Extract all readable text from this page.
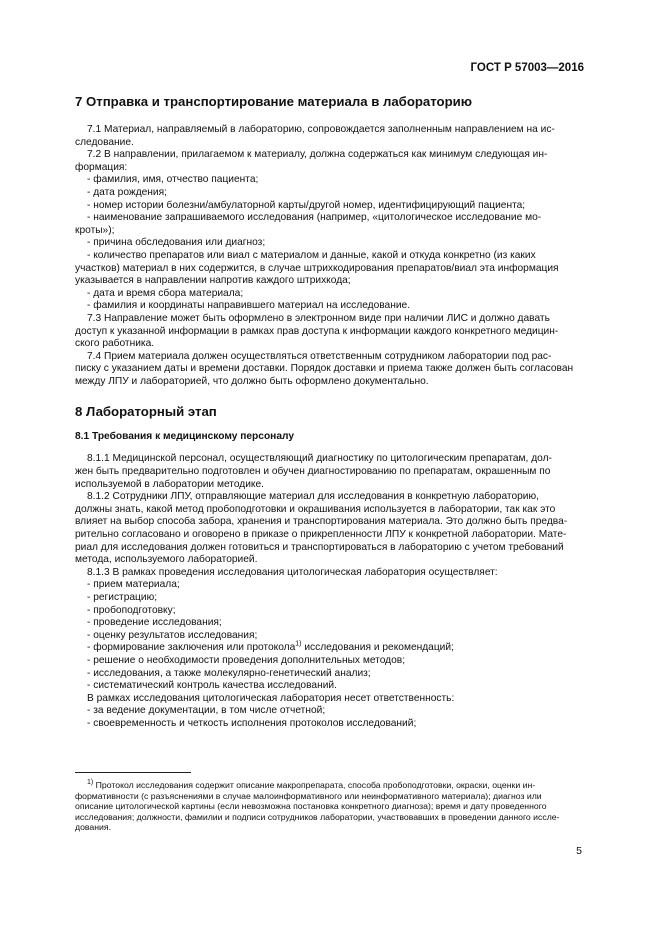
ГОСТ Р 57003—2016
7 Отправка и транспортирование материала в лабораторию

7.1 Материал, направляемый в лабораторию, сопровождается заполненным направлением на ис-
следование.

7.2 В направлении, прилагаемом к материалу, должна содержаться как минимум следующая ин-
формация:

- фамилия, имя, отчество пациента;

- дата рождения;

- номер истории болезни/амбулаторной карты/другой номер, идентифицирующий пациента;

- наименование запрашиваемого исследования (например, «цитологическое исследование мо-
кроты»);

- причина обследования или диагноз;

- количество препаратов или виал с материалом и данные, какой и откуда конкретно (из каких
участков) материал в них содержится, в случае штрихкодирования препаратов/виал эта информация
указывается в направлении напротив каждого штрихкода;

- дата и время сбора материала;

- фамилия и координаты направившего материал на исследование.

7.3 Направление может быть оформлено в электронном виде при наличии ЛИС и должно давать
доступ к указанной информации в рамках прав доступа к информации каждого конкретного медицин-
ского работника.

7.4 Прием материала должен осуществляться ответственным сотрудником лаборатории под рас-
писку с указанием даты и времени доставки. Порядок доставки и приема также должен быть согласован
между ЛПУ и лабораторией, что должно быть оформлено документально.

8 Лабораторный этап
8.1 Требования к медицинскому персоналу

8.1.1 Медицинской персонал, осуществляющий диагностику по цитологическим препаратам, дол-
жен быть предварительно подготовлен и обучен диагностированию по препаратам, окрашенным по
используемой в лаборатории методике.

8.1.2 Сотрудники ЛПУ, отправляющие материал для исследования в конкретную лабораторию,
должны знать, какой метод пробоподготовки и окрашивания используется в лаборатории, так как это
влияет на выбор способа забора, хранения и транспортирования материала. Это должно быть предва-
рительно согласовано и оговорено в приказе о прикрепленности ЛПУ к конкретной лаборатории. Мате-
риал для исследования должен готовиться и транспортироваться в лабораторию с учетом требований
метода, используемого лабораторией.

8.1.3 В рамках проведения исследования цитологическая лаборатория осуществляет:

- прием материала;

- регистрацию;

- пробоподготовку;

- проведение исследования;

- оценку результатов исследования;

- формирование заключения или протокола$^{1)}$ исследования и рекомендаций;

- решение о необходимости проведения дополнительных методов;

- исследования, а также молекулярно-генетический анализ;

- систематический контроль качества исследований.

В рамках исследования цитологическая лаборатория несет ответственность:

- за ведение документации, в том числе отчетной;

- своевременность и четкость исполнения протоколов исследований;

$^{1)}$ Протокол исследования содержит описание макропрепарата, способа пробоподготовки, окраски, оценки ин-
формативности (с разъяснениями в случае малоинформативного или неинформативного материала); диагноз или
описание цитологической картины (если невозможна постановка конкретного диагноза); время и дату проведенного
исследования; должности, фамилии и подписи сотрудников лаборатории, участвовавших в проведении данного иссле-
дования.

5
